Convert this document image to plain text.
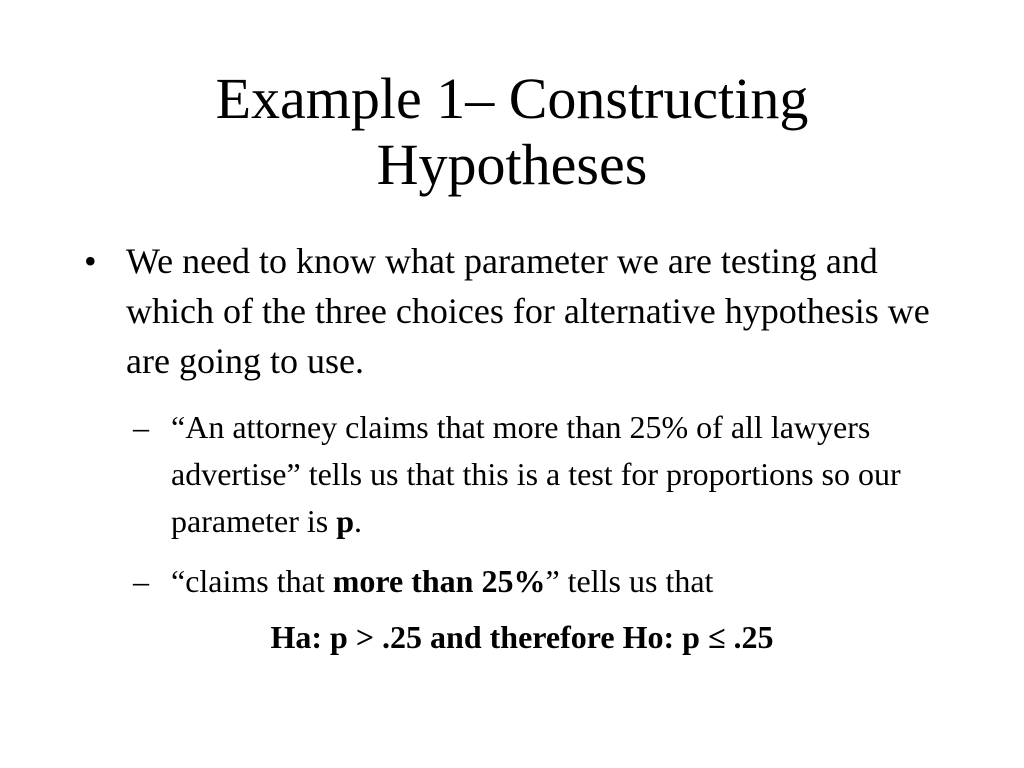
Example 1– Constructing
Hypotheses
• We need to know what parameter we are testing and which of the three choices for alternative hypothesis we are going to use.
– “An attorney claims that more than 25% of all lawyers advertise” tells us that this is a test for proportions so our parameter is p.
– “claims that more than 25%” tells us that
Ha: p > .25 and therefore Ho: p ≤ .25
